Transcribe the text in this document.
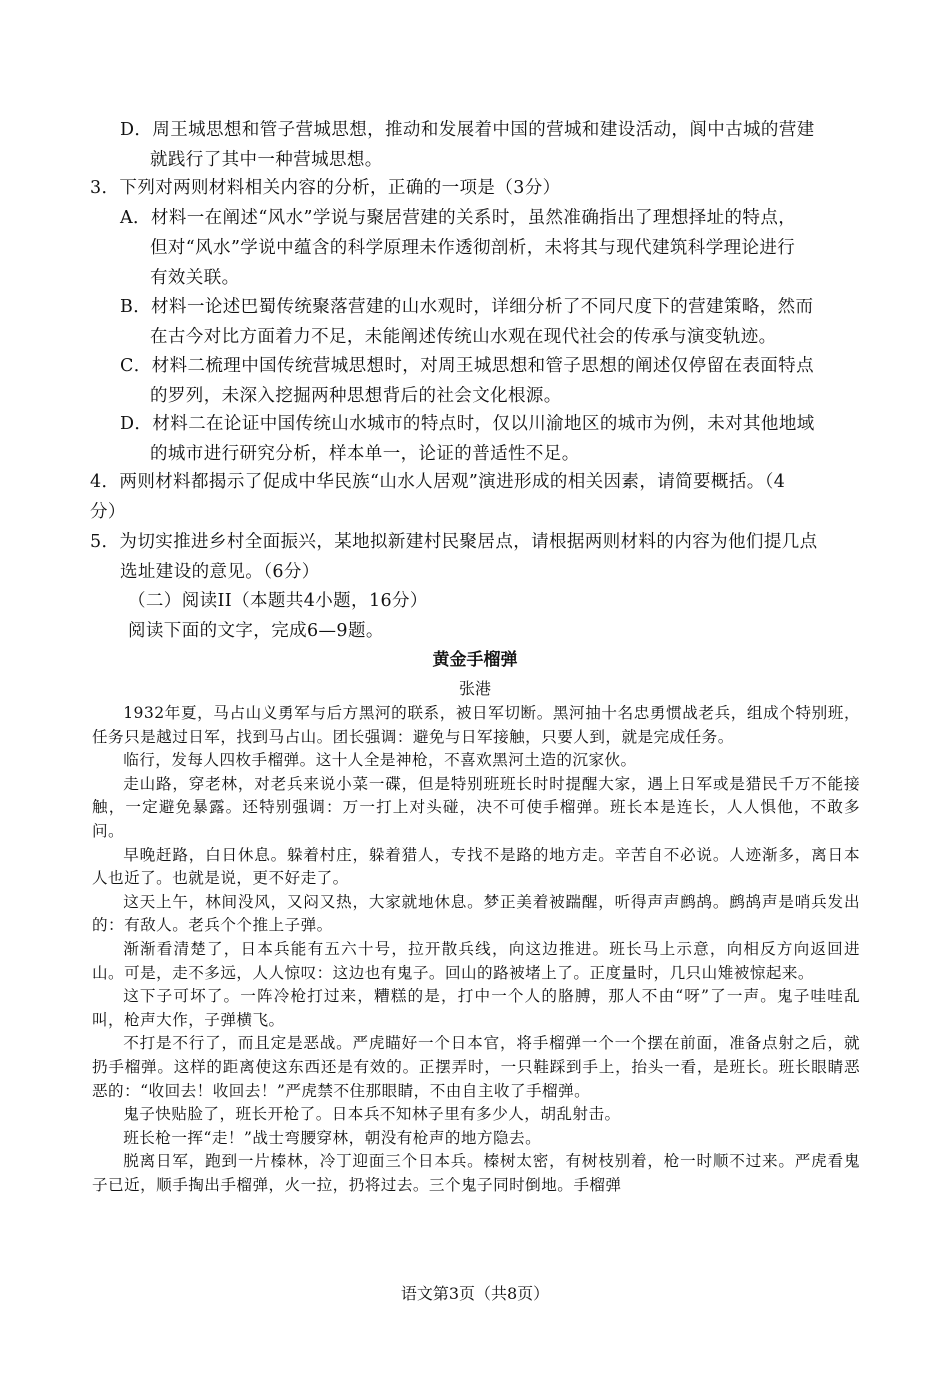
D．周王城思想和管子营城思想，推动和发展着中国的营城和建设活动，阆中古城的营建
就践行了其中一种营城思想。
3．下列对两则材料相关内容的分析，正确的一项是（3分）
A．材料一在阐述“风水”学说与聚居营建的关系时，虽然准确指出了理想择址的特点，
但对“风水”学说中蕴含的科学原理未作透彻剖析，未将其与现代建筑科学理论进行
有效关联。
B．材料一论述巴蜀传统聚落营建的山水观时，详细分析了不同尺度下的营建策略，然而
在古今对比方面着力不足，未能阐述传统山水观在现代社会的传承与演变轨迹。
C．材料二梳理中国传统营城思想时，对周王城思想和管子思想的阐述仅停留在表面特点
的罗列，未深入挖掘两种思想背后的社会文化根源。
D．材料二在论证中国传统山水城市的特点时，仅以川渝地区的城市为例，未对其他地域
的城市进行研究分析，样本单一，论证的普适性不足。
4．两则材料都揭示了促成中华民族“山水人居观”演进形成的相关因素，请简要概括。（4
分）
5．为切实推进乡村全面振兴，某地拟新建村民聚居点，请根据两则材料的内容为他们提几点
选址建设的意见。（6分）
（二）阅读II（本题共4小题，16分）
阅读下面的文字，完成6—9题。
黄金手榴弹
张港

1932年夏，马占山义勇军与后方黑河的联系，被日军切断。黑河抽十名忠勇惯战老兵，组成个特别班，任务只是越过日军，找到马占山。团长强调：避免与日军接触，只要人到，就是完成任务。

临行，发每人四枚手榴弹。这十人全是神枪，不喜欢黑河土造的沉家伙。

走山路，穿老林，对老兵来说小菜一碟，但是特别班班长时时提醒大家，遇上日军或是猎民千万不能接触，一定避免暴露。还特别强调：万一打上对头碰，决不可使手榴弹。班长本是连长，人人惧他，不敢多问。

早晚赶路，白日休息。躲着村庄，躲着猎人，专找不是路的地方走。辛苦自不必说。人迹渐多，离日本人也近了。也就是说，更不好走了。

这天上午，林间没风，又闷又热，大家就地休息。梦正美着被踹醒，听得声声鹧鸪。鹧鸪声是哨兵发出的：有敌人。老兵个个推上子弹。

渐渐看清楚了，日本兵能有五六十号，拉开散兵线，向这边推进。班长马上示意，向相反方向返回进山。可是，走不多远，人人惊叹：这边也有鬼子。回山的路被堵上了。正度量时，几只山雉被惊起来。

这下子可坏了。一阵冷枪打过来，糟糕的是，打中一个人的胳膊，那人不由“呀”了一声。鬼子哇哇乱叫，枪声大作，子弹横飞。

不打是不行了，而且定是恶战。严虎瞄好一个日本官，将手榴弹一个一个摆在前面，准备点射之后，就扔手榴弹。这样的距离使这东西还是有效的。正摆弄时，一只鞋踩到手上，抬头一看，是班长。班长眼睛恶恶的：“收回去！收回去！”严虎禁不住那眼睛，不由自主收了手榴弹。

鬼子快贴脸了，班长开枪了。日本兵不知林子里有多少人，胡乱射击。

班长枪一挥“走！”战士弯腰穿林，朝没有枪声的地方隐去。

脱离日军，跑到一片榛林，冷丁迎面三个日本兵。榛树太密，有树枝别着，枪一时顺不过来。严虎看鬼子已近，顺手掏出手榴弹，火一拉，扔将过去。三个鬼子同时倒地。手榴弹

语文第3页（共8页）
